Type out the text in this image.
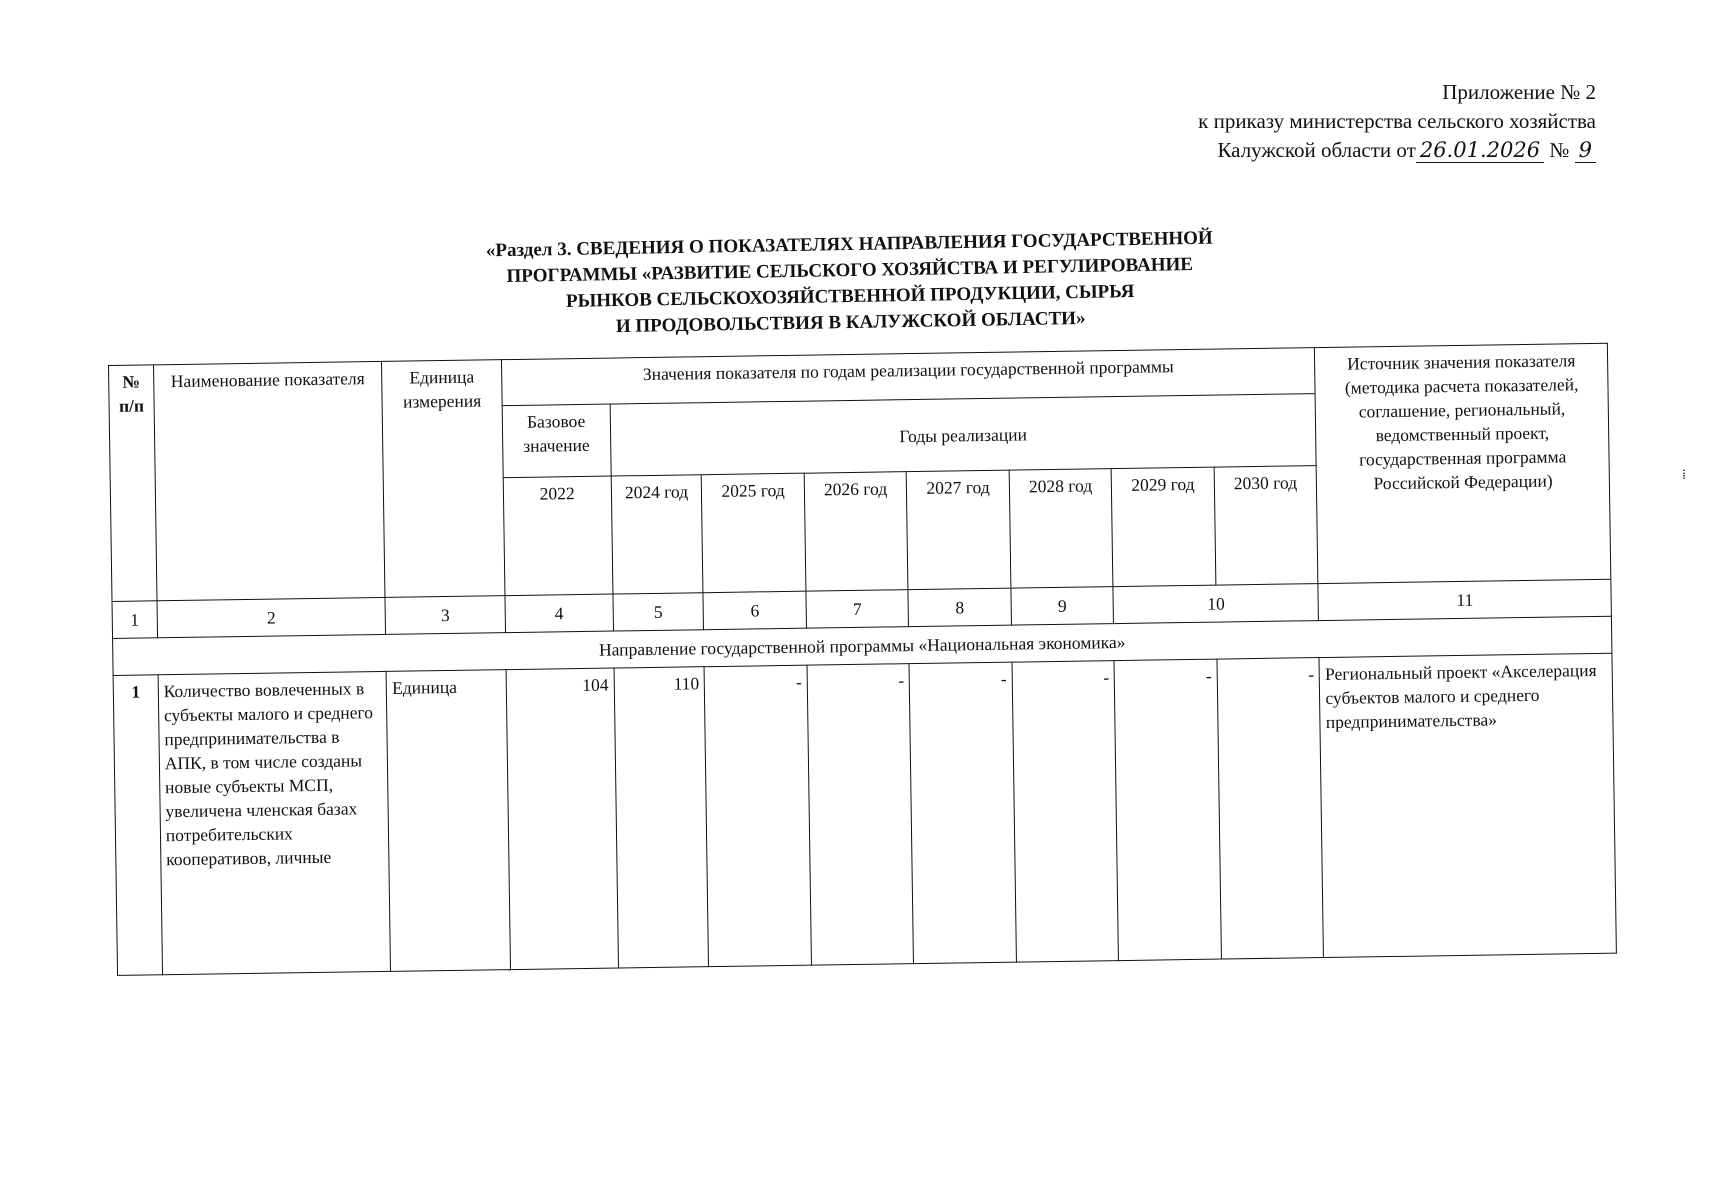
Приложение № 2
к приказу министерства сельского хозяйства
Калужской области от 26.01.2026 № 9
«Раздел 3. СВЕДЕНИЯ О ПОКАЗАТЕЛЯХ НАПРАВЛЕНИЯ ГОСУДАРСТВЕННОЙ
ПРОГРАММЫ «РАЗВИТИЕ СЕЛЬСКОГО ХОЗЯЙСТВА И РЕГУЛИРОВАНИЕ
РЫНКОВ СЕЛЬСКОХОЗЯЙСТВЕННОЙ ПРОДУКЦИИ, СЫРЬЯ
И ПРОДОВОЛЬСТВИЯ В КАЛУЖСКОЙ ОБЛАСТИ»
⁞
№ п/п	Наименование показателя	Единица измерения	Значения показателя по годам реализации государственной программы								Источник значения показателя (методика расчета показателей, соглашение, региональный, ведомственный проект, государственная программа Российской Федерации)
			Базовое значение	Годы реализации							
			2022	2024 год	2025 год	2026 год	2027 год	2028 год	2029 год	2030 год	
1	2	3	4	5	6	7	8	9	10		11
Направление государственной программы «Национальная экономика»											
1	Количество вовлеченных в субъекты малого и среднего предпринимательства в АПК, в том числе созданы новые субъекты МСП, увеличена членская базах потребительских кооперативов, личные	Единица	104	110	-	-	-	-	-	-	Региональный проект «Акселерация субъектов малого и среднего предпринимательства»
